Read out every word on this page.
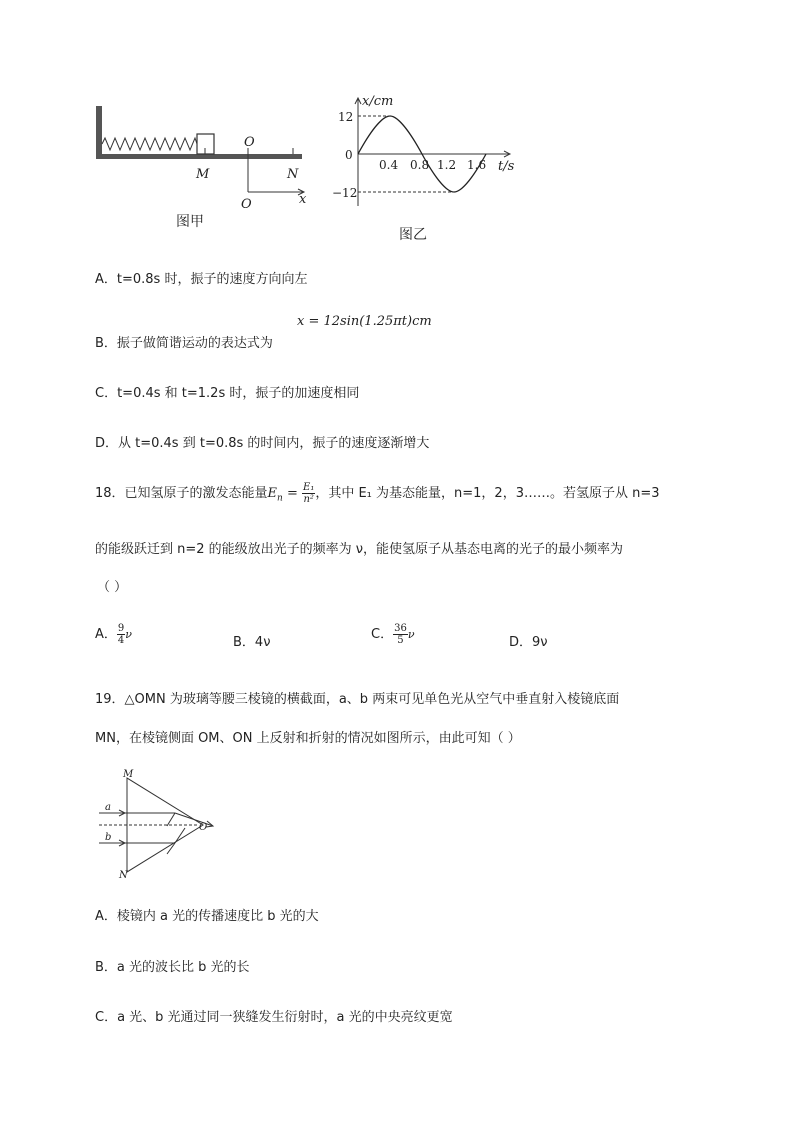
O
M	N
O	x
图甲
x/cm
12
0
−12
0.4 0.8 1.2 1.6 t/s
图乙
A．t=0.8s 时，振子的速度方向向左
x = 12sin(1.25πt)cm
B．振子做简谐运动的表达式为
C．t=0.4s 和 t=1.2s 时，振子的加速度相同
D．从 t=0.4s 到 t=0.8s 的时间内，振子的速度逐渐增大
18．已知氢原子的激发态能量$E_n = \frac{\text{E₁}}{\text{n²}}$ ，其中 E₁ 为基态能量，n=1，2，3……。若氢原子从 n=3
的能级跃迁到 n=2 的能级放出光子的频率为 ν，能使氢原子从基态电离的光子的最小频率为
（ ）
A． $\frac{9}{4}$ ν
B．4ν
C． $\frac{36}{5}$ ν
D．9ν
19．△OMN 为玻璃等腰三棱镜的横截面，a、b 两束可见单色光从空气中垂直射入棱镜底面
MN，在棱镜侧面 OM、ON 上反射和折射的情况如图所示，由此可知（ ）
M
N
O
a
b
A．棱镜内 a 光的传播速度比 b 光的大
B．a 光的波长比 b 光的长
C．a 光、b 光通过同一狭缝发生衍射时，a 光的中央亮纹更宽
